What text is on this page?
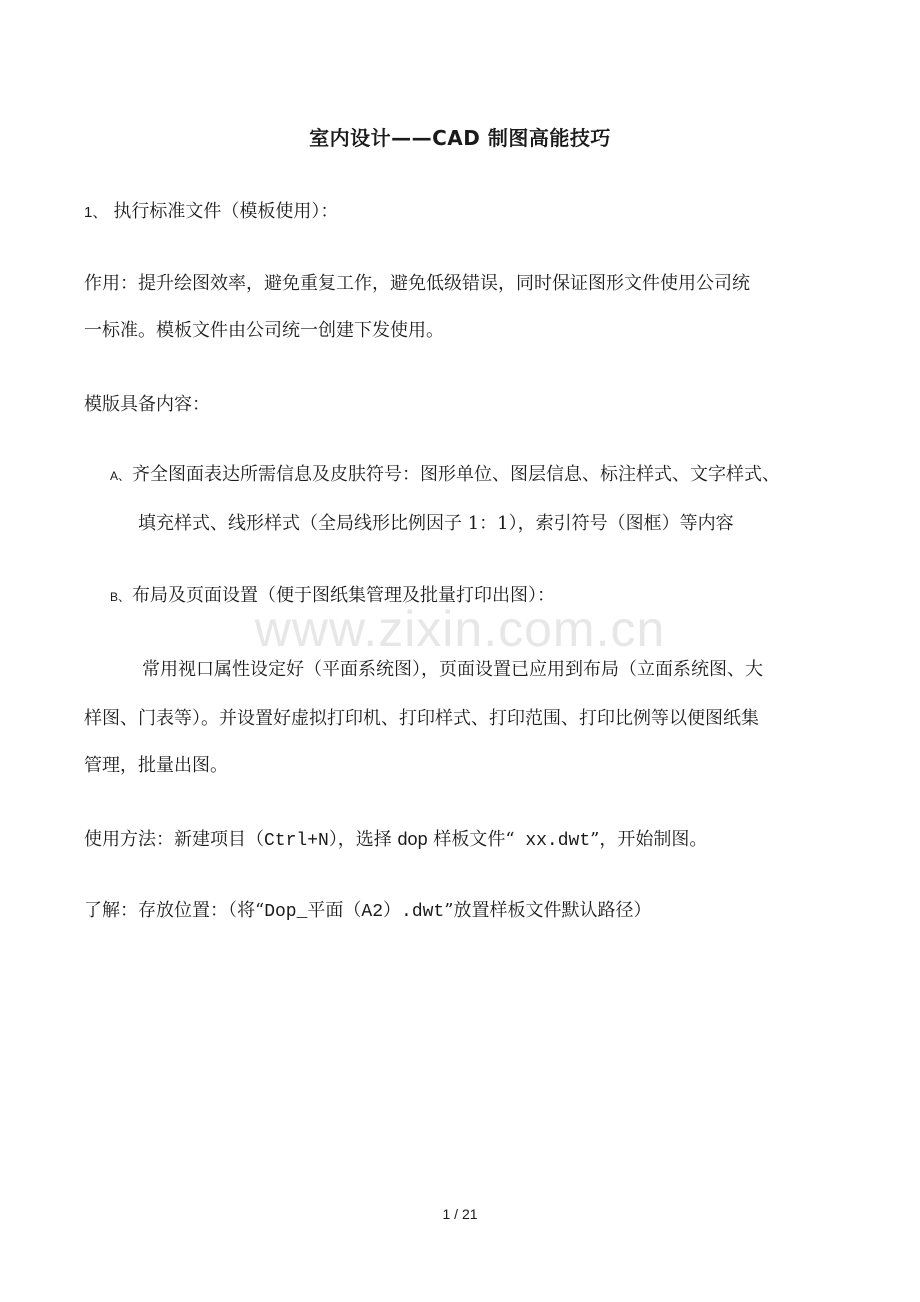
www.zixin.com.cn
室内设计——CAD 制图高能技巧
1、 执行标准文件（模板使用）：
作用：提升绘图效率，避免重复工作，避免低级错误，同时保证图形文件使用公司统
一标准。模板文件由公司统一创建下发使用。
模版具备内容：
A、 齐全图面表达所需信息及皮肤符号：图形单位、图层信息、标注样式、文字样式、
填充样式、线形样式（全局线形比例因子 1：1），索引符号（图框）等内容
B、 布局及页面设置（便于图纸集管理及批量打印出图）：
常用视口属性设定好（平面系统图），页面设置已应用到布局（立面系统图、大
样图、门表等）。并设置好虚拟打印机、打印样式、打印范围、打印比例等以便图纸集
管理，批量出图。
使用方法：新建项目（Ctrl+N），选择 dop 样板文件“ xx.dwt”，开始制图。
了解：存放位置：（将“Dop_平面（A2）.dwt”放置样板文件默认路径）
1 / 21
